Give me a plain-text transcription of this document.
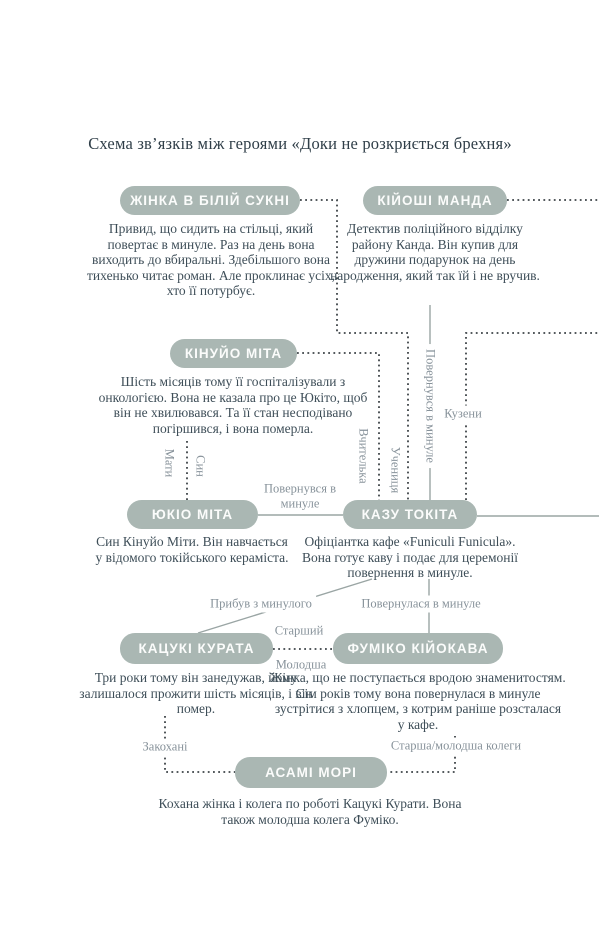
Схема зв’язків між героями «Доки не розкриється брехня»
ЖІНКА В БІЛІЙ СУКНІ	КІЙОШІ МАНДА
КІНУЙО МІТА
ЮКІО МІТА	КАЗУ ТОКІТА
КАЦУКІ КУРАТА	ФУМІКО КІЙОКАВА
АСАМІ МОРІ
Привид, що сидить на стільці, який повертає в минуле. Раз на день вона виходить до вбиральні. Здебільшого вона тихенько читає роман. Але проклинає усіх, хто її потурбує.
Детектив поліційного відділку району Канда. Він купив для дружини подарунок на день народження, який так їй і не вручив.
Шість місяців тому її госпіталізували з онкологією. Вона не казала про це Юкіто, щоб він не хвилювався. Та її стан несподівано погіршився, і вона померла.
Син Кінуйо Міти. Він навчається у відомого токійського кераміста.
Офіціантка кафе «Funiculi Funicula». Вона готує каву і подає для церемонії повернення в минуле.
Три роки тому він занедужав, йому залишалося прожити шість місяців, і він помер.
Жінка, що не поступається вродою знаменитостям. Сім років тому вона повернулася в минуле зустрітися з хлопцем, з котрим раніше розсталася у кафе.
Кохана жінка і колега по роботі Кацукі Курати. Вона також молодша колега Фуміко.
Мати Син	Вчителька Учениця
Повернувся в минуле Кузени
Повернувся в минуле
Прибув з минулого	Повернулася в минуле
Старший
Молодша
Закохані	Старша/молодша колеги
